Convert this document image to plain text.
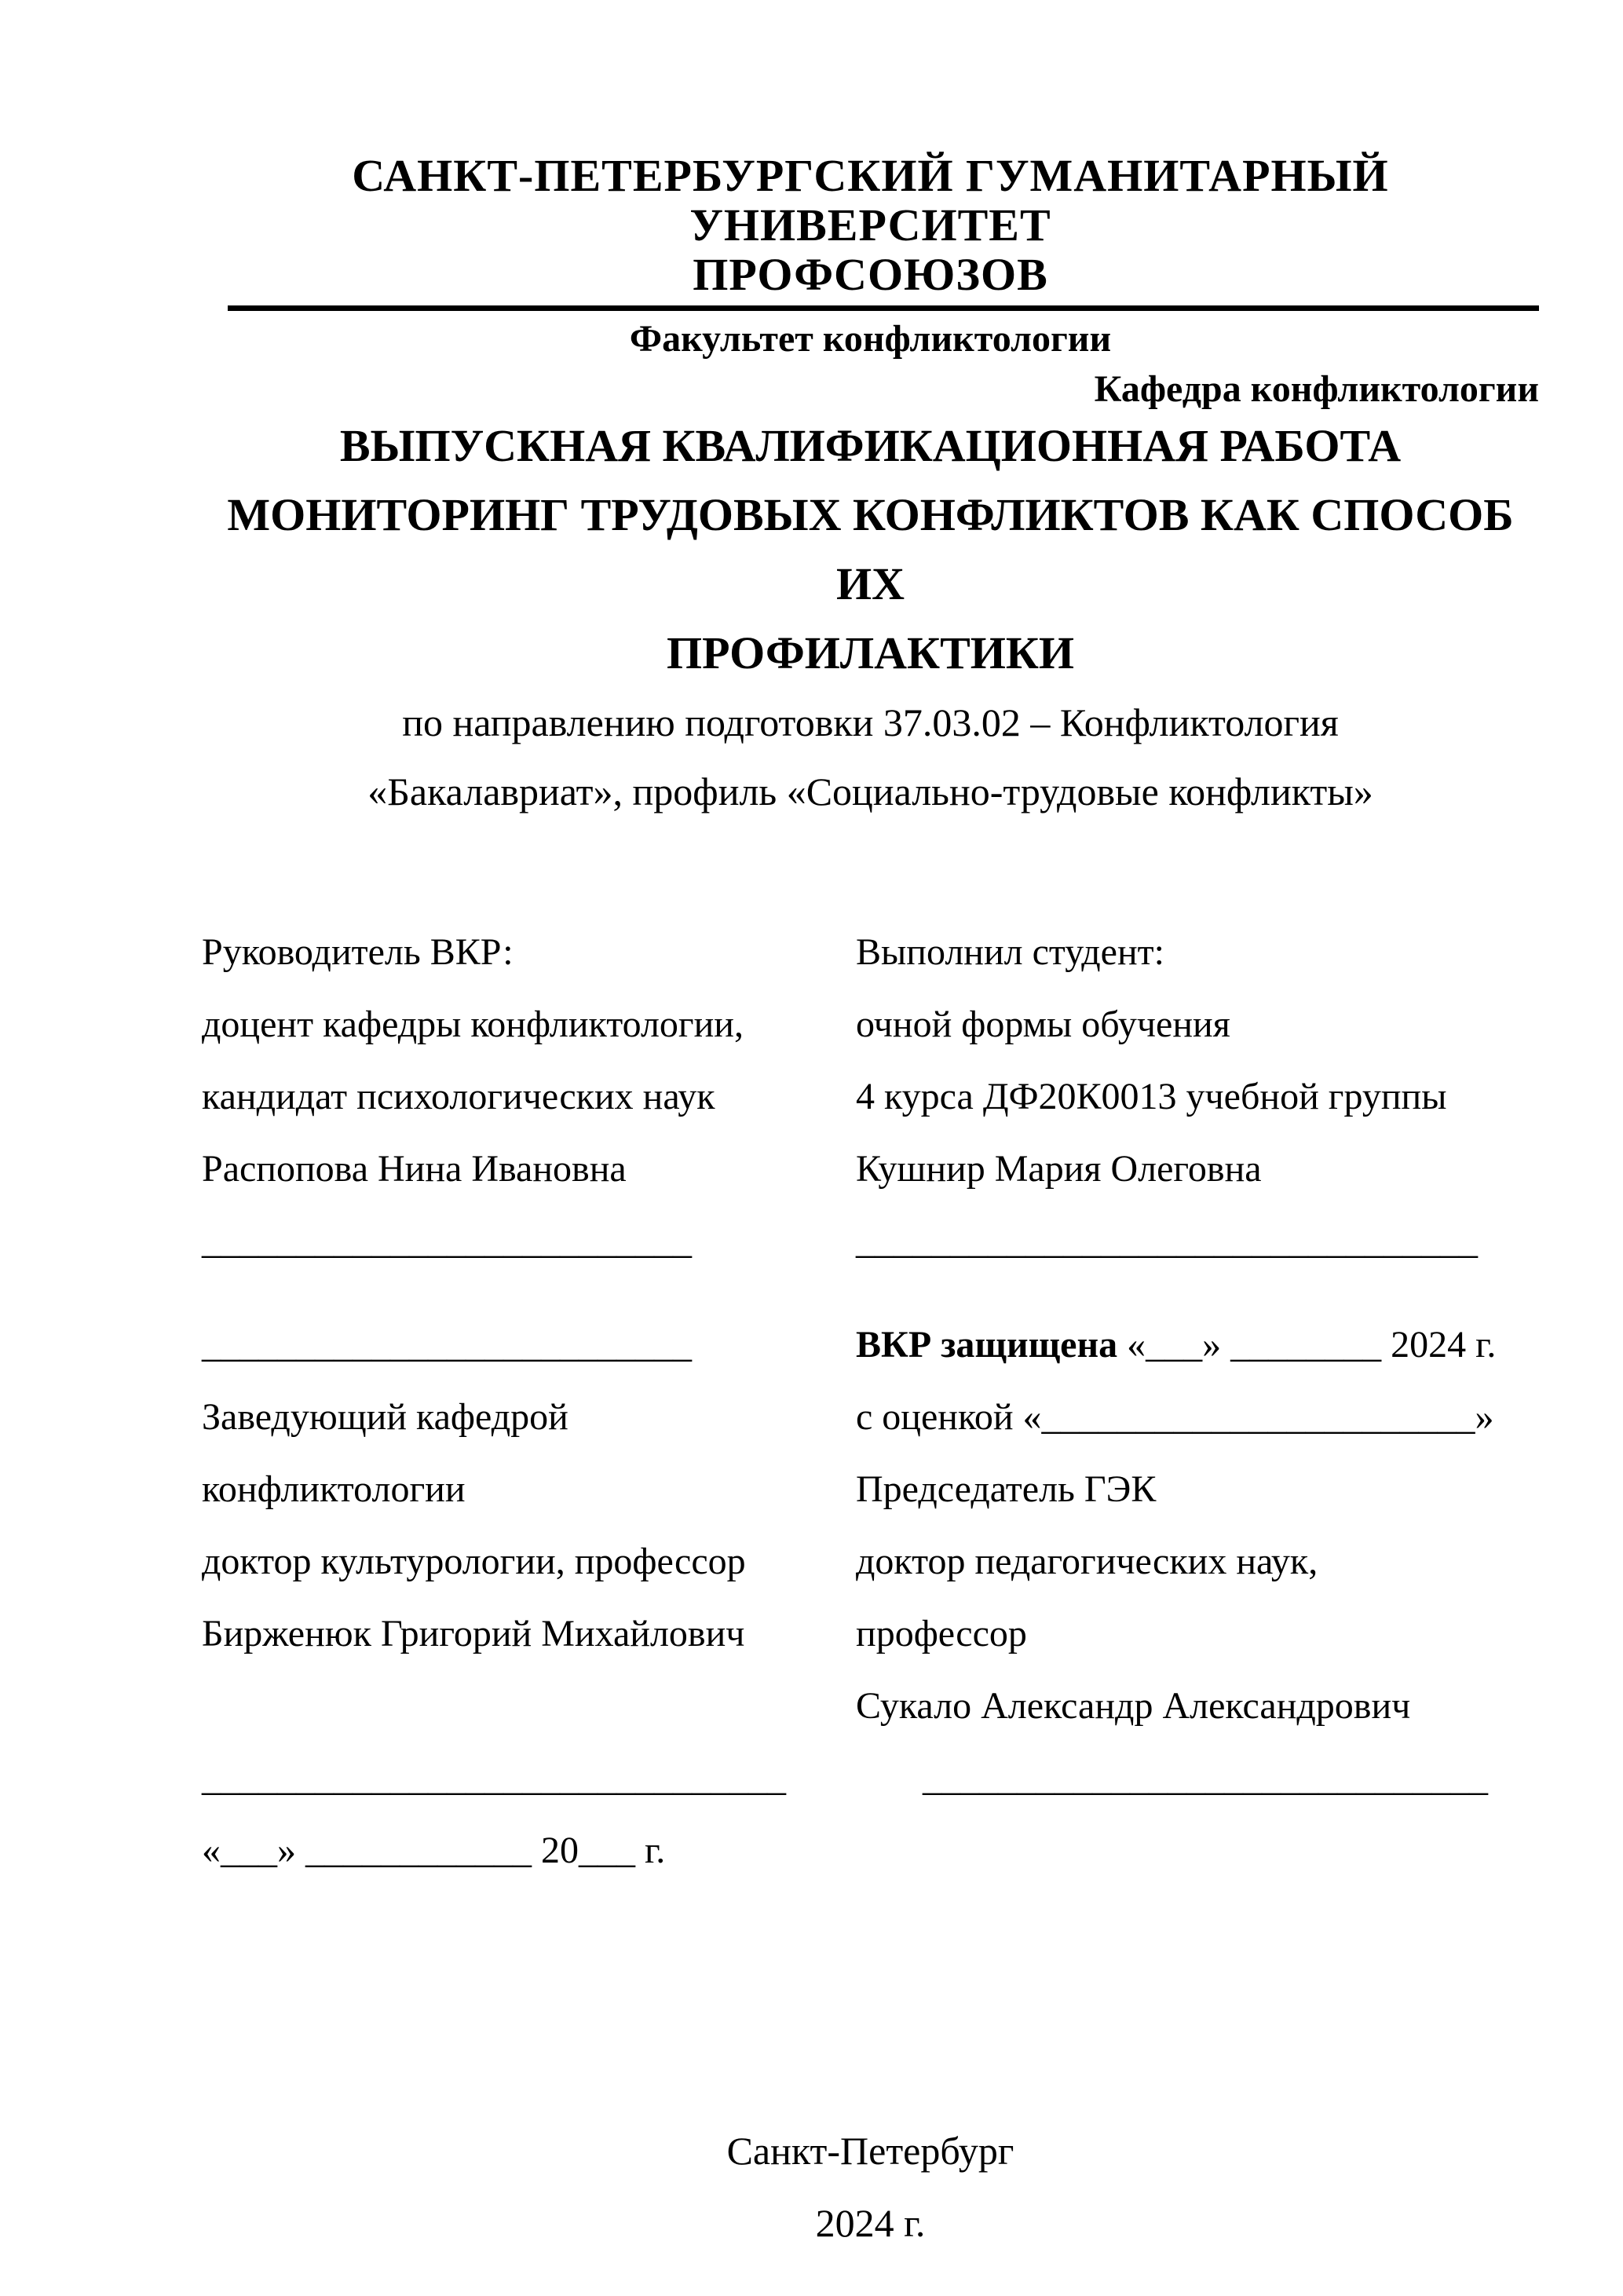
САНКТ-ПЕТЕРБУРГСКИЙ ГУМАНИТАРНЫЙ УНИВЕРСИТЕТ
ПРОФСОЮЗОВ
Факультет конфликтологии
Кафедра конфликтологии
ВЫПУСКНАЯ КВАЛИФИКАЦИОННАЯ РАБОТА
МОНИТОРИНГ ТРУДОВЫХ КОНФЛИКТОВ КАК СПОСОБ ИХ
ПРОФИЛАКТИКИ
по направлению подготовки 37.03.02 – Конфликтология
«Бакалавриат», профиль «Социально-трудовые конфликты»
Руководитель ВКР:
доцент кафедры конфликтологии,
кандидат психологических наук
Распопова Нина Ивановна
__________________________
__________________________
Заведующий кафедрой
конфликтологии
доктор культурологии, профессор
Бирженюк Григорий Михайлович
_______________________________
«___» ____________ 20___ г.
Выполнил студент:
очной формы обучения
4 курса ДФ20К0013 учебной группы
Кушнир Мария Олеговна
_________________________________
ВКР защищена «___» ________ 2024 г.
с оценкой «_______________________»
Председатель ГЭК
доктор педагогических наук,
профессор
Сукало Александр Александрович
______________________________
Санкт-Петербург
2024 г.
